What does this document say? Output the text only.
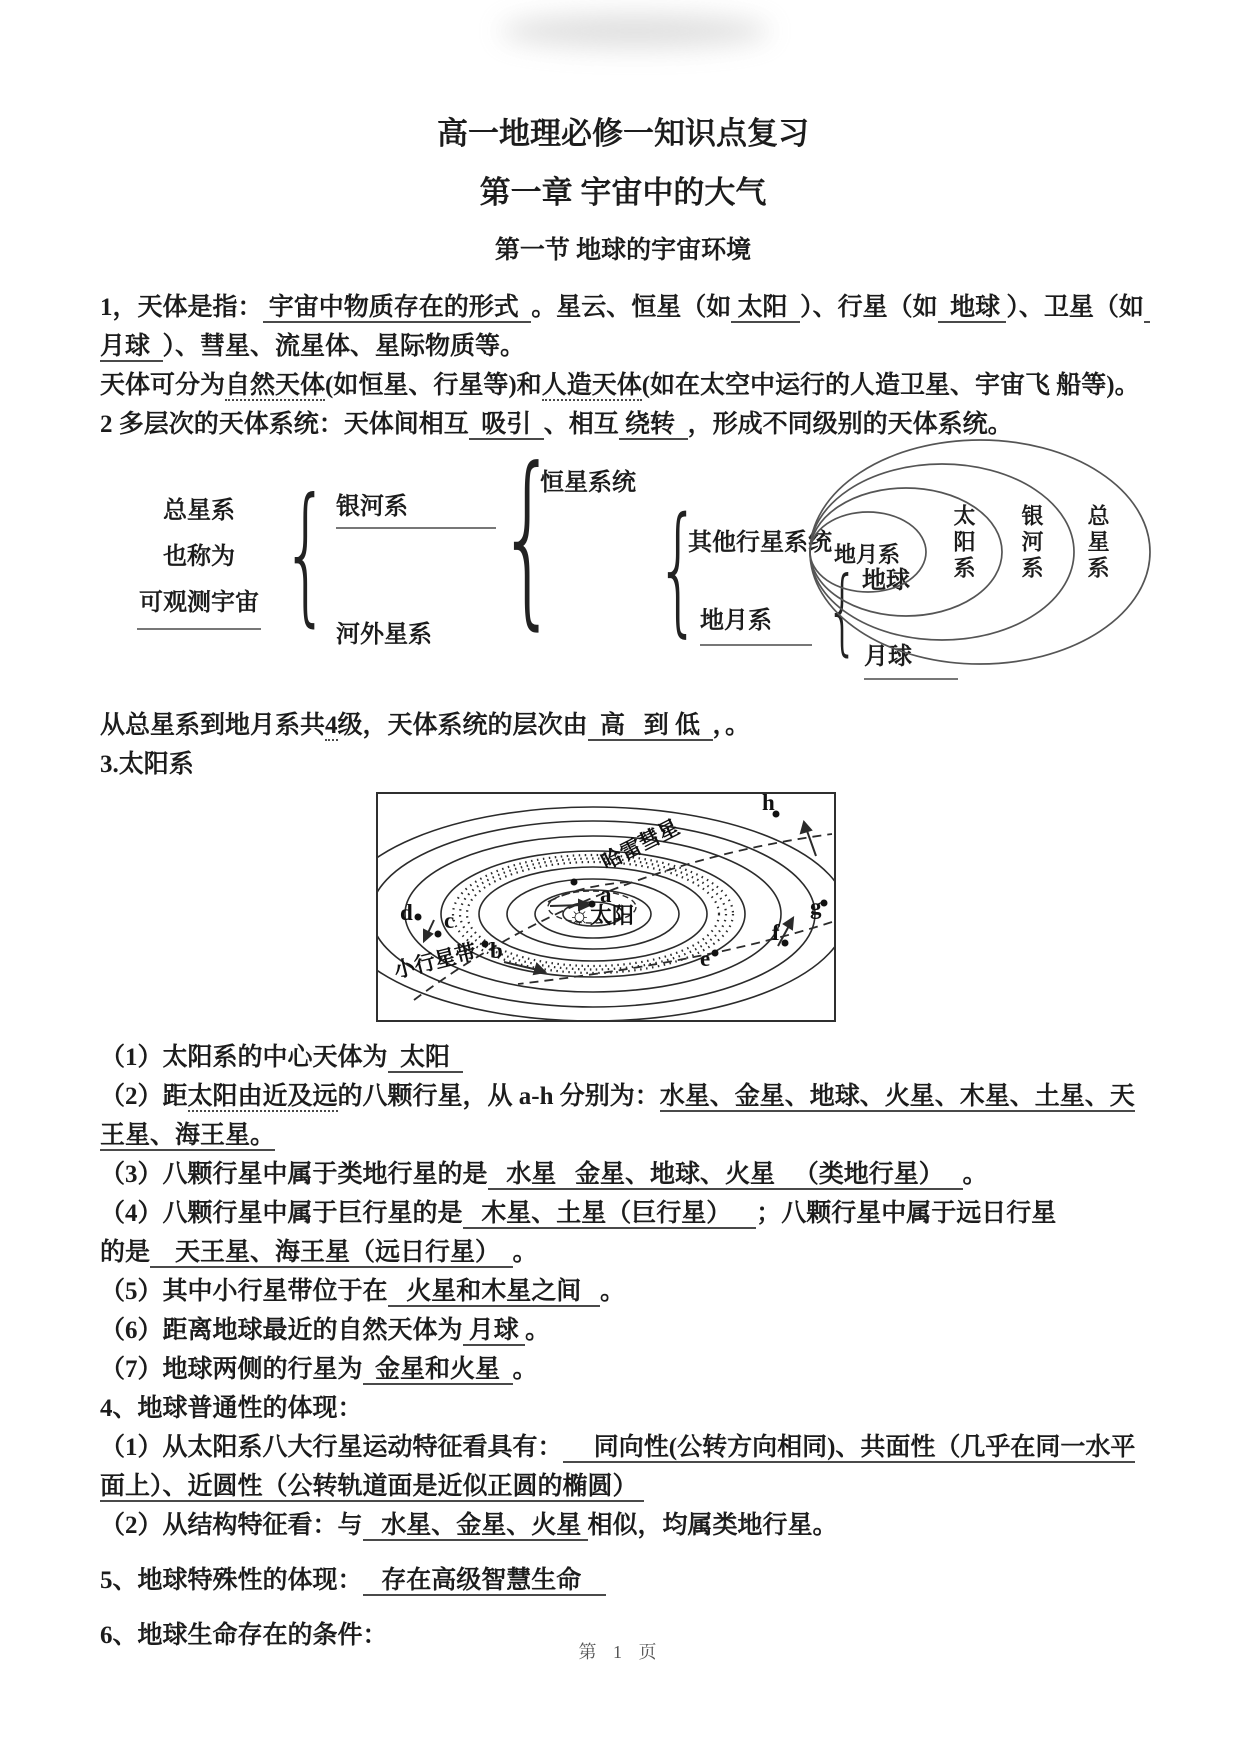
高一地理必修一知识点复习
第一章 宇宙中的大气
第一节 地球的宇宙环境

1，天体是指： 宇宙中物质存在的形式  。星云、恒星（如 太阳  ）、行星（如  地球 ）、卫星（如 月球  ）、彗星、流星体、星际物质等。

天体可分为自然天体(如恒星、行星等)和人造天体(如在太空中运行的人造卫星、宇宙飞 船等)。

2 多层次的天体系统：天体间相互  吸引  、相互 绕转  ，形成不同级别的天体系统。

总星系
也称为
可观测宇宙 { 银河系
河外星系 {
恒星系统
{
其他行星系统
地月系 { 地球
月球
地月系	太阳系 银河系 总星系

从总星系到地月系共4级，天体系统的层次由  高   到 低  ，。

3.太阳系

a
b
c
d
e
f
g
h
☼ 太阳
哈雷彗星
小行星带

（1）太阳系的中心天体为  太阳

（2）距太阳由近及远的八颗行星，从 a-h 分别为：水星、金星、地球、火星、木星、土星、天王星、海王星。

（3）八颗行星中属于类地行星的是   水星   金星、地球、火星   （类地行星）   。

（4）八颗行星中属于巨行星的是   木星、土星（巨行星）    ；八颗行星中属于远日行星

的是    天王星、海王星（远日行星）  。

（5）其中小行星带位于在   火星和木星之间   。

（6）距离地球最近的自然天体为 月球 。

（7）地球两侧的行星为  金星和火星  。

4、地球普通性的体现：

（1）从太阳系八大行星运动特征看具有：     同向性(公转方向相同)、共面性（几乎在同一水平面上）、近圆性（公转轨道面是近似正圆的椭圆）

（2）从结构特征看：与   水星、金星、火星 相似，均属类地行星。

5、地球特殊性的体现：   存在高级智慧生命

6、地球生命存在的条件：

第 1 页
